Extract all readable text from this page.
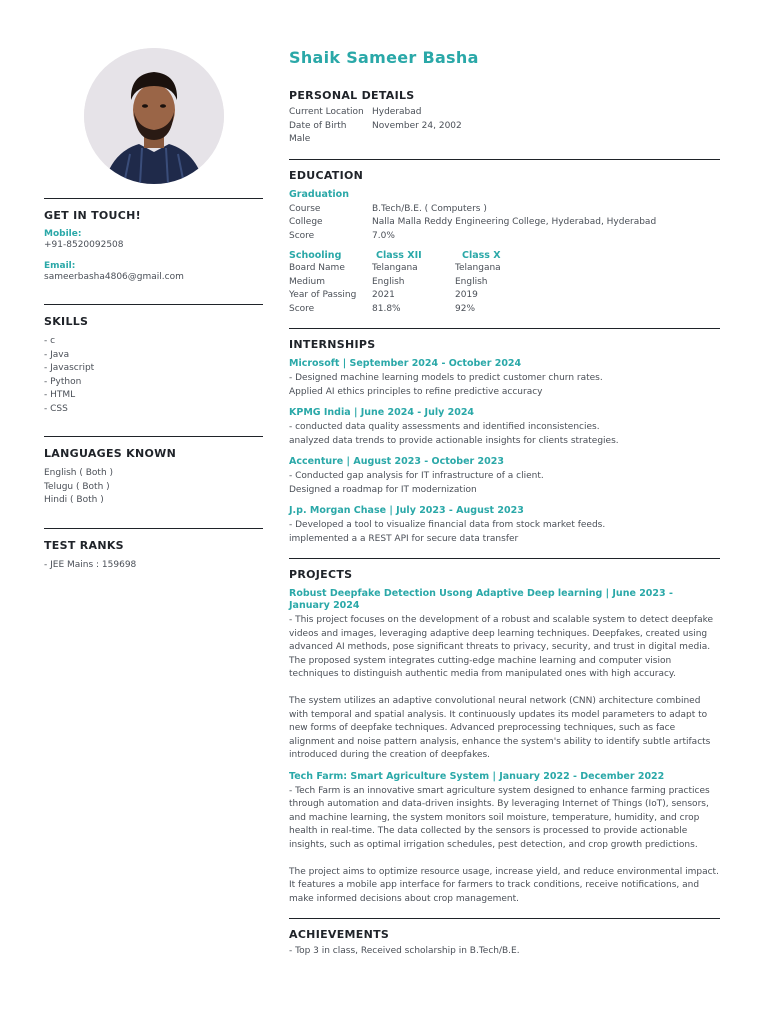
GET IN TOUCH!
Mobile:
+91-8520092508
Email:
sameerbasha4806@gmail.com
SKILLS
- c
- Java
- Javascript
- Python
- HTML
- CSS
LANGUAGES KNOWN
English ( Both )
Telugu ( Both )
Hindi ( Both )
TEST RANKS
- JEE Mains : 159698
Shaik Sameer Basha
PERSONAL DETAILS
Current Location Hyderabad
Date of Birth	November 24, 2002
Male
EDUCATION
Graduation
Course	B.Tech/B.E. ( Computers )
College	Nalla Malla Reddy Engineering College, Hyderabad, Hyderabad
Score	7.0%
Schooling	Class XII	Class X
Board Name	Telangana	Telangana
Medium	English	English
Year of Passing	2021	2019
Score	81.8%	92%
INTERNSHIPS
Microsoft | September 2024 - October 2024
- Designed machine learning models to predict customer churn rates.
Applied AI ethics principles to refine predictive accuracy
KPMG India | June 2024 - July 2024
- conducted data quality assessments and identified inconsistencies.
analyzed data trends to provide actionable insights for clients strategies.
Accenture | August 2023 - October 2023
- Conducted gap analysis for IT infrastructure of a client.
Designed a roadmap for IT modernization
J.p. Morgan Chase | July 2023 - August 2023
- Developed a tool to visualize financial data from stock market feeds.
implemented a a REST API for secure data transfer
PROJECTS
Robust Deepfake Detection Usong Adaptive Deep learning | June 2023 -
January 2024
- This project focuses on the development of a robust and scalable system to detect deepfake
videos and images, leveraging adaptive deep learning techniques. Deepfakes, created using
advanced AI methods, pose significant threats to privacy, security, and trust in digital media.
The proposed system integrates cutting-edge machine learning and computer vision
techniques to distinguish authentic media from manipulated ones with high accuracy.
The system utilizes an adaptive convolutional neural network (CNN) architecture combined
with temporal and spatial analysis. It continuously updates its model parameters to adapt to
new forms of deepfake techniques. Advanced preprocessing techniques, such as face
alignment and noise pattern analysis, enhance the system's ability to identify subtle artifacts
introduced during the creation of deepfakes.
Tech Farm: Smart Agriculture System | January 2022 - December 2022
- Tech Farm is an innovative smart agriculture system designed to enhance farming practices
through automation and data-driven insights. By leveraging Internet of Things (IoT), sensors,
and machine learning, the system monitors soil moisture, temperature, humidity, and crop
health in real-time. The data collected by the sensors is processed to provide actionable
insights, such as optimal irrigation schedules, pest detection, and crop growth predictions.
The project aims to optimize resource usage, increase yield, and reduce environmental impact.
It features a mobile app interface for farmers to track conditions, receive notifications, and
make informed decisions about crop management.
ACHIEVEMENTS
- Top 3 in class, Received scholarship in B.Tech/B.E.
